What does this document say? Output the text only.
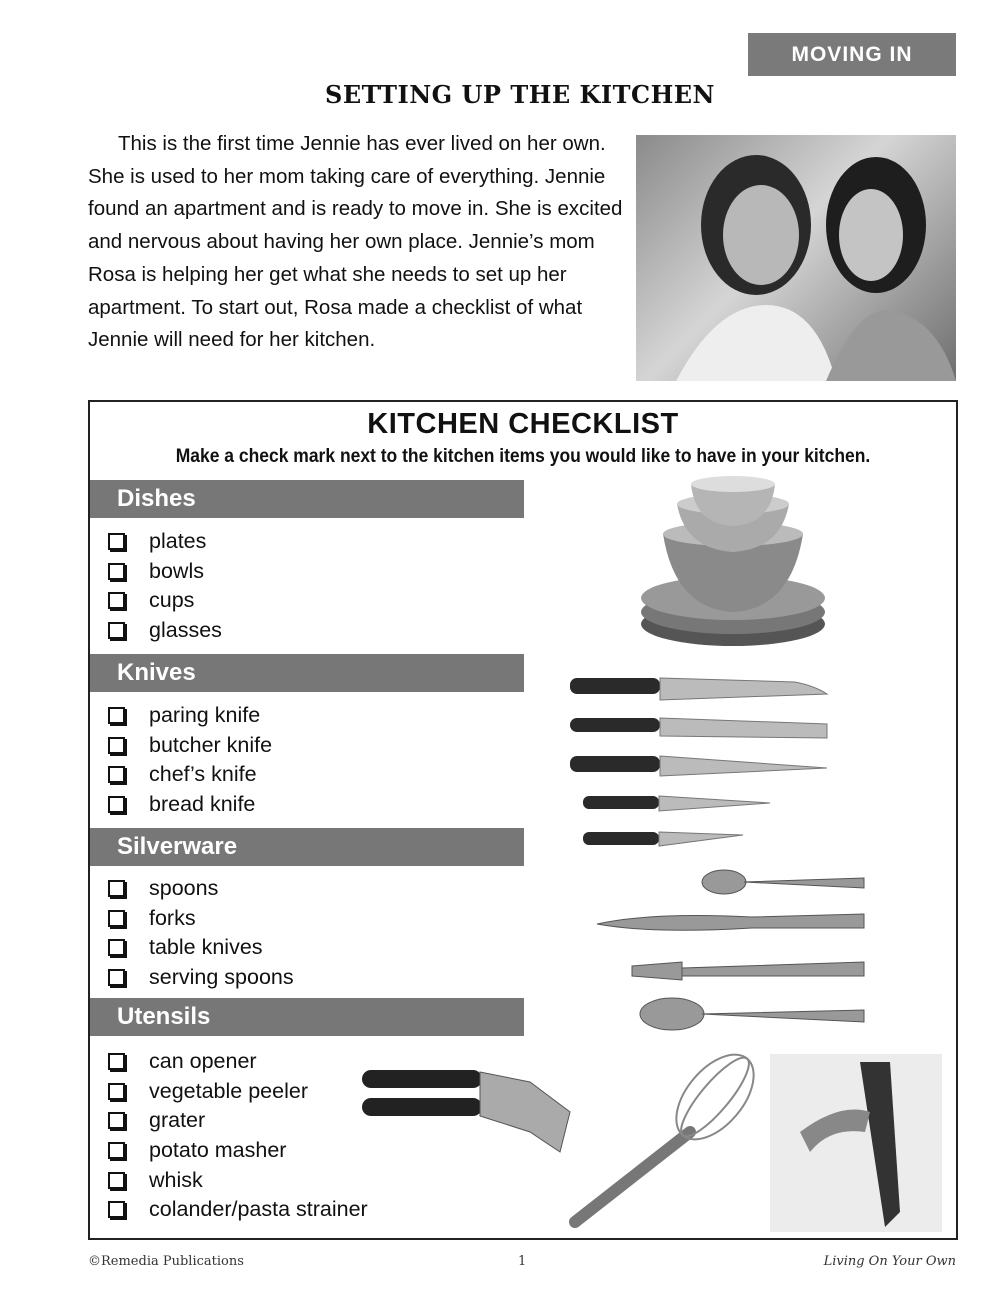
MOVING IN
SETTING UP THE KITCHEN

This is the first time Jennie has ever lived on her own. She is used to her mom taking care of everything. Jennie found an apartment and is ready to move in. She is excited and nervous about having her own place. Jennie’s mom Rosa is helping her get what she needs to set up her apartment. To start out, Rosa made a checklist of what Jennie will need for her kitchen.

KITCHEN CHECKLIST
Make a check mark next to the kitchen items you would like to have in your kitchen.
Dishes
plates
bowls
cups
glasses
Knives
paring knife
butcher knife
chef’s knife
bread knife
Silverware
spoons
forks
table knives
serving spoons
Utensils
can opener
vegetable peeler
grater
potato masher
whisk
colander/pasta strainer
©Remedia Publications	1	Living On Your Own
